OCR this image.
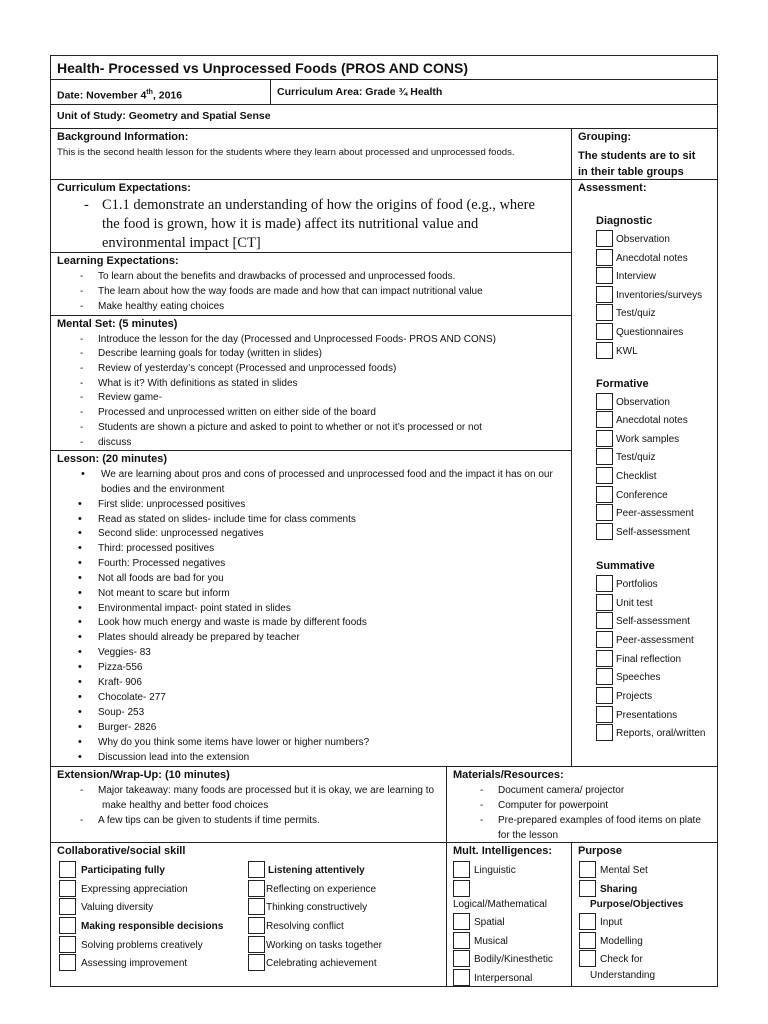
Health- Processed vs Unprocessed Foods (PROS AND CONS)
Date: November 4th, 2016	Curriculum Area: Grade ¾ Health
Unit of Study: Geometry and Spatial Sense
Background Information:
This is the second health lesson for the students where they learn about processed and unprocessed foods.
Grouping:
The students are to sit
in their table groups
Curriculum Expectations:
- C1.1 demonstrate an understanding of how the origins of food (e.g., where
the food is grown, how it is made) affect its nutritional value and
environmental impact [CT]
Learning Expectations:
- To learn about the benefits and drawbacks of processed and unprocessed foods.
- The learn about how the way foods are made and how that can impact nutritional value
- Make healthy eating choices
Mental Set: (5 minutes)
- Introduce the lesson for the day (Processed and Unprocessed Foods- PROS AND CONS)
- Describe learning goals for today (written in slides)
- Review of yesterday’s concept (Processed and unprocessed foods)
- What is it? With definitions as stated in slides
- Review game-
- Processed and unprocessed written on either side of the board
- Students are shown a picture and asked to point to whether or not it’s processed or not
- discuss
Lesson: (20 minutes)
• We are learning about pros and cons of processed and unprocessed food and the impact it has on our
bodies and the environment
• First slide: unprocessed positives
• Read as stated on slides- include time for class comments
• Second slide: unprocessed negatives
• Third: processed positives
• Fourth: Processed negatives
• Not all foods are bad for you
• Not meant to scare but inform
• Environmental impact- point stated in slides
• Look how much energy and waste is made by different foods
• Plates should already be prepared by teacher
• Veggies- 83
• Pizza-556
• Kraft- 906
• Chocolate- 277
• Soup- 253
• Burger- 2826
• Why do you think some items have lower or higher numbers?
• Discussion lead into the extension
Assessment:
Diagnostic
Observation
Anecdotal notes
Interview
Inventories/surveys
Test/quiz
Questionnaires
KWL
Formative
Observation
Anecdotal notes
Work samples
Test/quiz
Checklist
Conference
Peer-assessment
Self-assessment
Summative
Portfolios
Unit test
Self-assessment
Peer-assessment
Final reflection
Speeches
Projects
Presentations
Reports, oral/written
Extension/Wrap-Up: (10 minutes)
- Major takeaway: many foods are processed but it is okay, we are learning to
make healthy and better food choices
- A few tips can be given to students if time permits.
Materials/Resources:
- Document camera/ projector
- Computer for powerpoint
- Pre-prepared examples of food items on plate
for the lesson
Collaborative/social skill
Participating fully
Expressing appreciation
Valuing diversity
Making responsible decisions
Solving problems creatively
Assessing improvement
Listening attentively
Reflecting on experience
Thinking constructively
Resolving conflict
Working on tasks together
Celebrating achievement
Mult. Intelligences:
Linguistic
Logical/Mathematical
Spatial
Musical
Bodily/Kinesthetic
Interpersonal
Purpose
Mental Set
Sharing
Purpose/Objectives
Input
Modelling
Check for
Understanding
